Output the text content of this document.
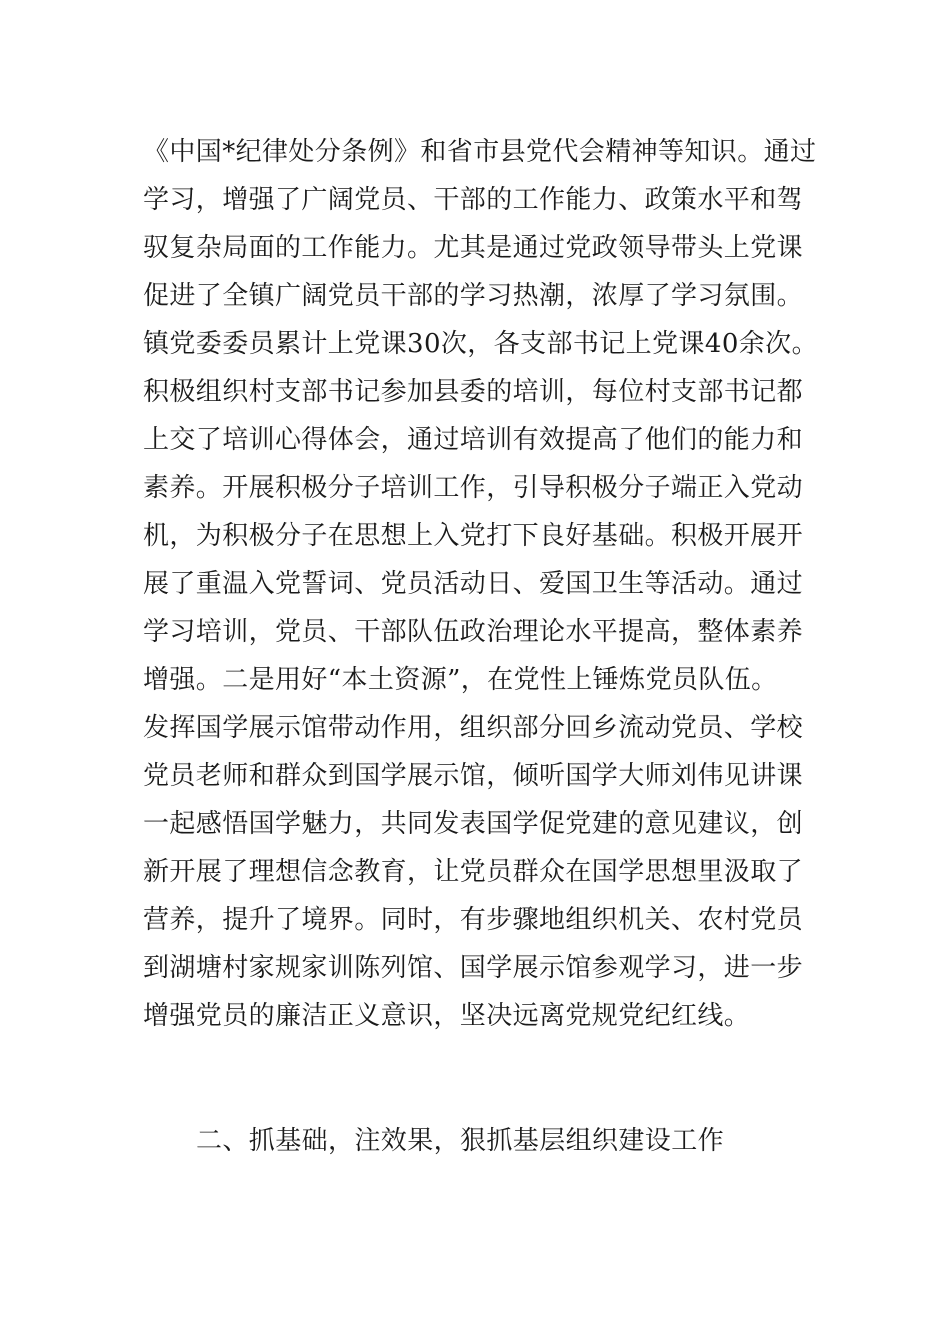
《中国*纪律处分条例》和省市县党代会精神等知识。通过
学习，增强了广阔党员、干部的工作能力、政策水平和驾
驭复杂局面的工作能力。尤其是通过党政领导带头上党课
促进了全镇广阔党员干部的学习热潮，浓厚了学习氛围。
镇党委委员累计上党课30次，各支部书记上党课40余次。
积极组织村支部书记参加县委的培训，每位村支部书记都
上交了培训心得体会，通过培训有效提高了他们的能力和
素养。开展积极分子培训工作，引导积极分子端正入党动
机，为积极分子在思想上入党打下良好基础。积极开展开
展了重温入党誓词、党员活动日、爱国卫生等活动。通过
学习培训，党员、干部队伍政治理论水平提高，整体素养
增强。二是用好“本土资源”，在党性上锤炼党员队伍。
发挥国学展示馆带动作用，组织部分回乡流动党员、学校
党员老师和群众到国学展示馆，倾听国学大师刘伟见讲课
一起感悟国学魅力，共同发表国学促党建的意见建议，创
新开展了理想信念教育，让党员群众在国学思想里汲取了
营养，提升了境界。同时，有步骤地组织机关、农村党员
到湖塘村家规家训陈列馆、国学展示馆参观学习，进一步
增强党员的廉洁正义意识，坚决远离党规党纪红线。
二、抓基础，注效果，狠抓基层组织建设工作
